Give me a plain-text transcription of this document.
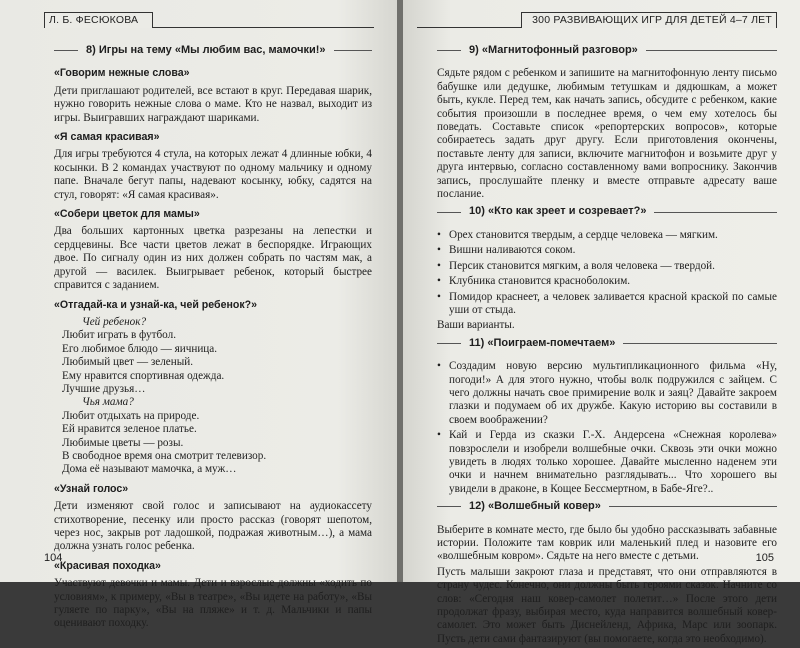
Л. Б. ФЕСЮКОВА
8) Игры на тему «Мы любим вас, мамочки!»
«Говорим нежные слова»

Дети приглашают родителей, все встают в круг. Передавая шарик, нужно говорить нежные слова о маме. Кто не назвал, выходит из игры. Выигравших награждают шариками.

«Я самая красивая»

Для игры требуются 4 стула, на которых лежат 4 длинные юбки, 4 косынки. В 2 командах участвуют по одному мальчику и одному папе. Вначале бегут папы, надевают косынку, юбку, садятся на стул, говорят: «Я самая красивая».

«Собери цветок для мамы»

Два больших картонных цветка разрезаны на лепестки и сердцевины. Все части цветов лежат в беспорядке. Играющих двое. По сигналу один из них должен собрать по частям мак, а другой — василек. Выигрывает ребенок, который быстрее справится с заданием.

«Отгадай-ка и узнай-ка, чей ребенок?»
Чей ребенок?
Любит играть в футбол.
Его любимое блюдо — яичница.
Любимый цвет — зеленый.
Ему нравится спортивная одежда.
Лучшие друзья…
Чья мама?
Любит отдыхать на природе.
Ей нравится зеленое платье.
Любимые цветы — розы.
В свободное время она смотрит телевизор.
Дома её называют мамочка, а муж…
«Узнай голос»

Дети изменяют свой голос и записывают на аудиокассету стихотворение, песенку или просто рассказ (говорят шепотом, через нос, закрыв рот ладошкой, подражая животным…), а мама должна узнать голос ребенка.

«Красивая походка»

Участвуют девочки и мамы. Дети и взрослые должны «ходить по условиям», к примеру, «Вы в театре», «Вы идете на работу», «Вы гуляете по парку», «Вы на пляже» и т. д. Мальчики и папы оценивают походку.

104
300 РАЗВИВАЮЩИХ ИГР ДЛЯ ДЕТЕЙ 4–7 ЛЕТ
9) «Магнитофонный разговор»

Сядьте рядом с ребенком и запишите на магнитофонную ленту письмо бабушке или дедушке, любимым тетушкам и дядюшкам, а может быть, кукле. Перед тем, как начать запись, обсудите с ребенком, какие события произошли в последнее время, о чем ему хотелось бы поведать. Составьте список «репортерских вопросов», которые собираетесь задать друг другу. Если приготовления окончены, поставьте ленту для записи, включите магнитофон и возьмите друг у друга интервью, согласно составленному вами вопроснику. Закончив запись, прослушайте пленку и вместе отправьте адресату ваше послание.

10) «Кто как зреет и созревает?»
• Орех становится твердым, а сердце человека — мягким.
• Вишни наливаются соком.
• Персик становится мягким, а воля человека — твердой.
• Клубника становится красноболоким.
• Помидор краснеет, а человек заливается красной краской по самые уши от стыда.

Ваши варианты.

11) «Поиграем-помечтаем»
• Создадим новую версию мультипликационного фильма «Ну, погоди!» А для этого нужно, чтобы волк подружился с зайцем. С чего должны начать свое примирение волк и заяц? Давайте закроем глазки и подумаем об их дружбе. Какую историю вы составили в своем воображении?
• Кай и Герда из сказки Г.-Х. Андерсена «Снежная королева» повзрослели и изобрели волшебные очки. Сквозь эти очки можно увидеть в людях только хорошее. Давайте мысленно наденем эти очки и начнем внимательно разглядывать... Что хорошего вы увидели в драконе, в Кощее Бессмертном, в Бабе-Яге?..
12) «Волшебный ковер»

Выберите в комнате место, где было бы удобно рассказывать забавные истории. Положите там коврик или маленький плед и назовите его «волшебным ковром». Сядьте на него вместе с детьми.

Пусть малыши закроют глаза и представят, что они отправляются в страну чудес. Конечно, они должны быть героями сказок. Начните со слов: «Сегодня наш ковер-самолет полетит…» После этого дети продолжат фразу, выбирая место, куда направится волшебный ковер-самолет. Это может быть Диснейленд, Африка, Марс или зоопарк. Пусть дети сами фантазируют (вы помогаете, когда это необходимо).

105
